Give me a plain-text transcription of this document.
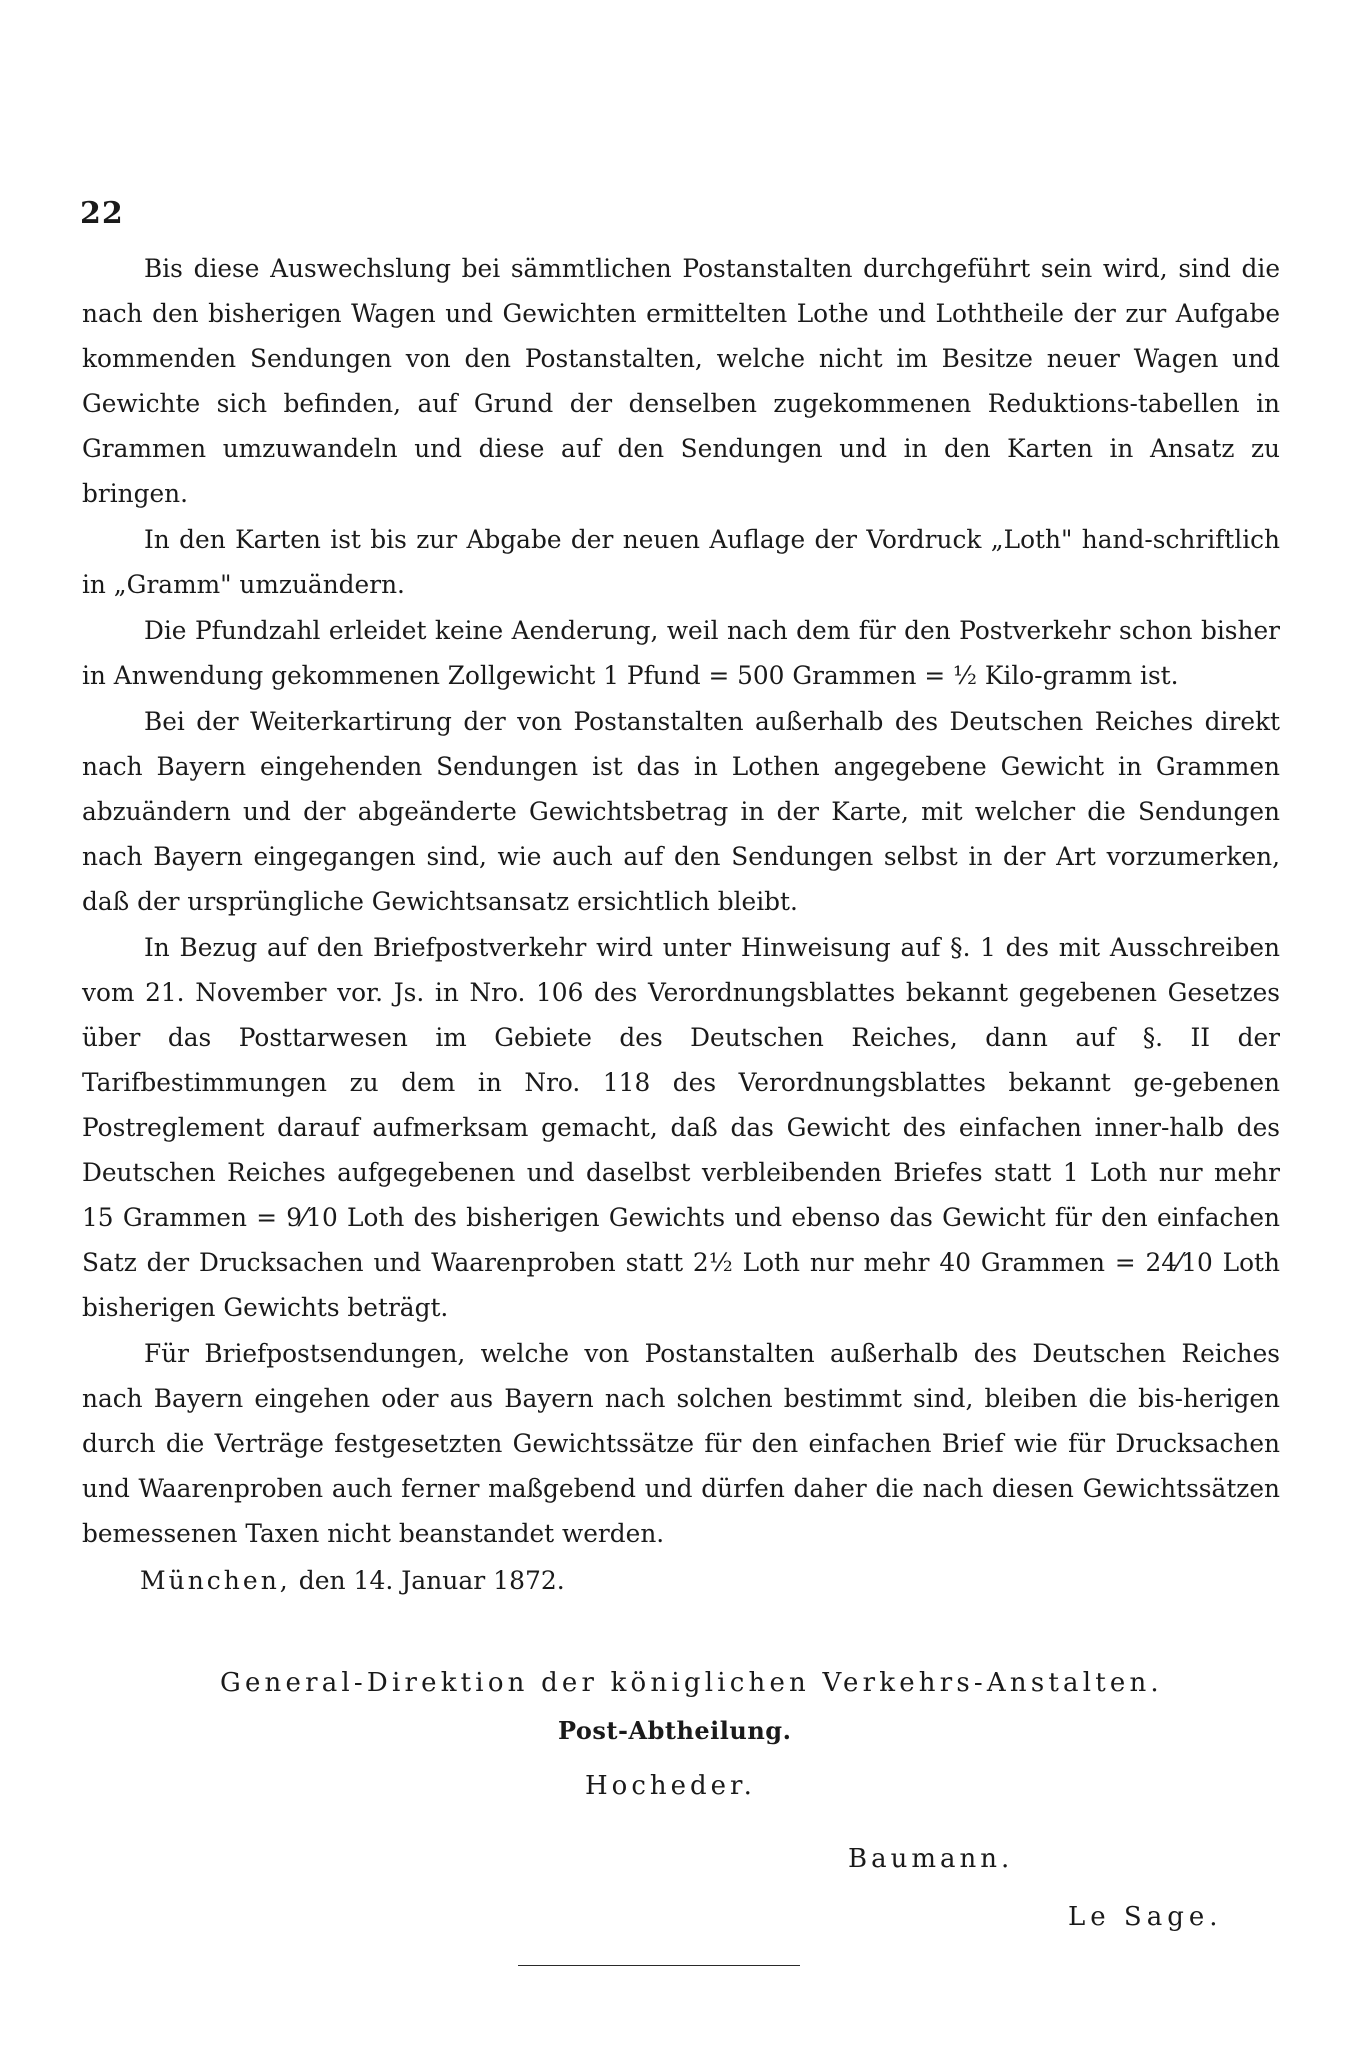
22

Bis diese Auswechslung bei sämmtlichen Postanstalten durchgeführt sein wird, sind die nach den bisherigen Wagen und Gewichten ermittelten Lothe und Loththeile der zur Aufgabe kommenden Sendungen von den Postanstalten, welche nicht im Besitze neuer Wagen und Gewichte sich befinden, auf Grund der denselben zugekommenen Reduktions-tabellen in Grammen umzuwandeln und diese auf den Sendungen und in den Karten in Ansatz zu bringen.

In den Karten ist bis zur Abgabe der neuen Auflage der Vordruck „Loth" hand-schriftlich in „Gramm" umzuändern.

Die Pfundzahl erleidet keine Aenderung, weil nach dem für den Postverkehr schon bisher in Anwendung gekommenen Zollgewicht 1 Pfund = 500 Grammen = ½ Kilo-gramm ist.

Bei der Weiterkartirung der von Postanstalten außerhalb des Deutschen Reiches direkt nach Bayern eingehenden Sendungen ist das in Lothen angegebene Gewicht in Grammen abzuändern und der abgeänderte Gewichtsbetrag in der Karte, mit welcher die Sendungen nach Bayern eingegangen sind, wie auch auf den Sendungen selbst in der Art vorzumerken, daß der ursprüngliche Gewichtsansatz ersichtlich bleibt.

In Bezug auf den Briefpostverkehr wird unter Hinweisung auf §. 1 des mit Ausschreiben vom 21. November vor. Js. in Nro. 106 des Verordnungsblattes bekannt gegebenen Gesetzes über das Posttarwesen im Gebiete des Deutschen Reiches, dann auf §. II der Tarifbestimmungen zu dem in Nro. 118 des Verordnungsblattes bekannt ge-gebenen Postreglement darauf aufmerksam gemacht, daß das Gewicht des einfachen inner-halb des Deutschen Reiches aufgegebenen und daselbst verbleibenden Briefes statt 1 Loth nur mehr 15 Grammen = 9⁄10 Loth des bisherigen Gewichts und ebenso das Gewicht für den einfachen Satz der Drucksachen und Waarenproben statt 2½ Loth nur mehr 40 Grammen = 24⁄10 Loth bisherigen Gewichts beträgt.

Für Briefpostsendungen, welche von Postanstalten außerhalb des Deutschen Reiches nach Bayern eingehen oder aus Bayern nach solchen bestimmt sind, bleiben die bis-herigen durch die Verträge festgesetzten Gewichtssätze für den einfachen Brief wie für Drucksachen und Waarenproben auch ferner maßgebend und dürfen daher die nach diesen Gewichtssätzen bemessenen Taxen nicht beanstandet werden.

München, den 14. Januar 1872.

General-Direktion der königlichen Verkehrs-Anstalten.
Post-Abtheilung.
Hocheder.
Baumann.
Le Sage.
